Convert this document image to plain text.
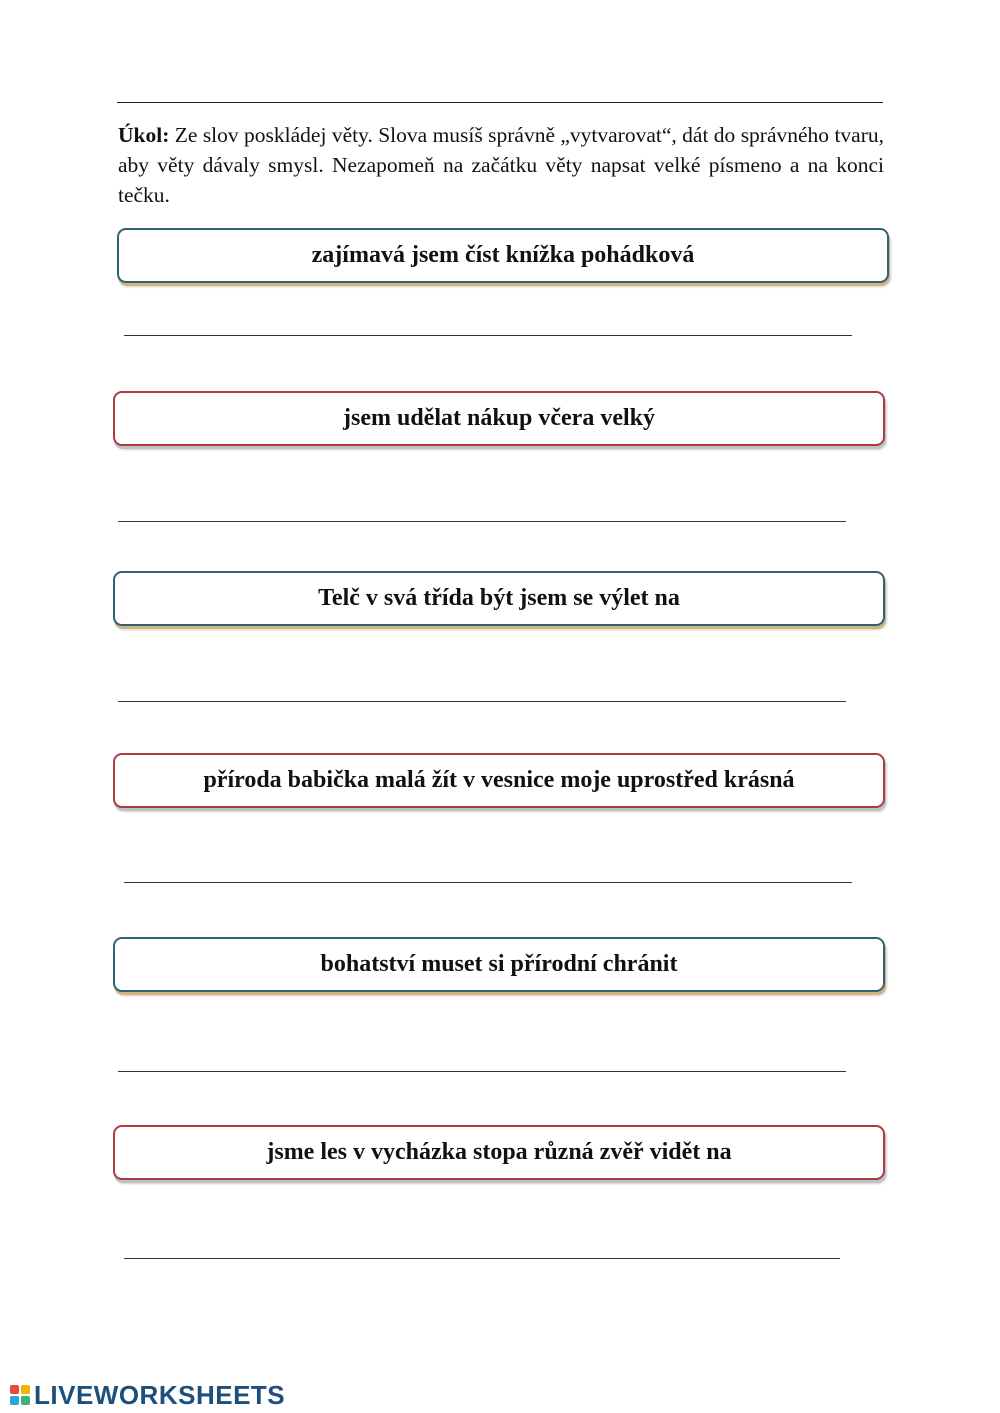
Úkol: Ze slov poskládej věty. Slova musíš správně „vytvarovat“, dát do správného tvaru, aby věty dávaly smysl. Nezapomeň na začátku věty napsat velké písmeno a na konci tečku.
zajímavá jsem číst knížka pohádková
jsem udělat nákup včera velký
Telč v svá třída být jsem se výlet na
příroda babička malá žít v vesnice moje uprostřed krásná
bohatství muset si přírodní chránit
jsme les v vycházka stopa různá zvěř vidět na
LIVEWORKSHEETS
